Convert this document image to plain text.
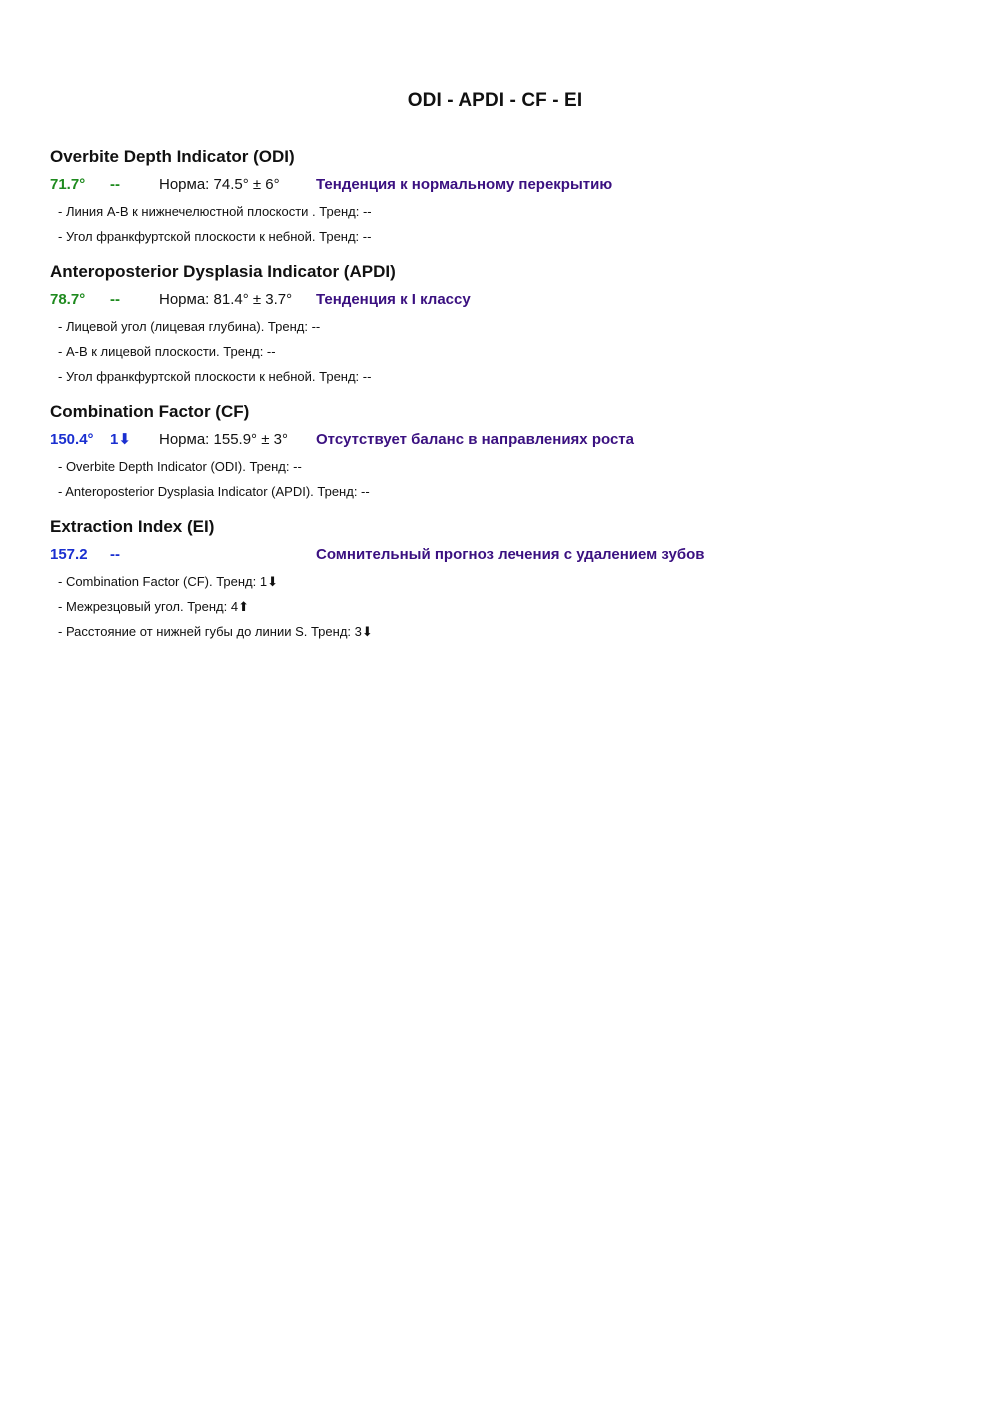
ODI - APDI - CF - EI
Overbite Depth Indicator (ODI)
71.7° --	Норма: 74.5° ± 6° Тенденция к нормальному перекрытию
- Линия А-В к нижнечелюстной плоскости . Тренд: --
- Угол франкфуртской плоскости к небной. Тренд: --
Anteroposterior Dysplasia Indicator (APDI)
78.7° --	Норма: 81.4° ± 3.7° Тенденция к I классу
- Лицевой угол (лицевая глубина). Тренд: --
- А-В к лицевой плоскости. Тренд: --
- Угол франкфуртской плоскости к небной. Тренд: --
Combination Factor (CF)
150.4° 1⬇ Норма: 155.9° ± 3° Отсутствует баланс в направлениях роста
- Overbite Depth Indicator (ODI). Тренд: --
- Anteroposterior Dysplasia Indicator (APDI). Тренд: --
Extraction Index (EI)
157.2 --	Сомнительный прогноз лечения с удалением зубов
- Combination Factor (CF). Тренд: 1⬇
- Межрезцовый угол. Тренд: 4⬆
- Расстояние от нижней губы до линии S. Тренд: 3⬇
